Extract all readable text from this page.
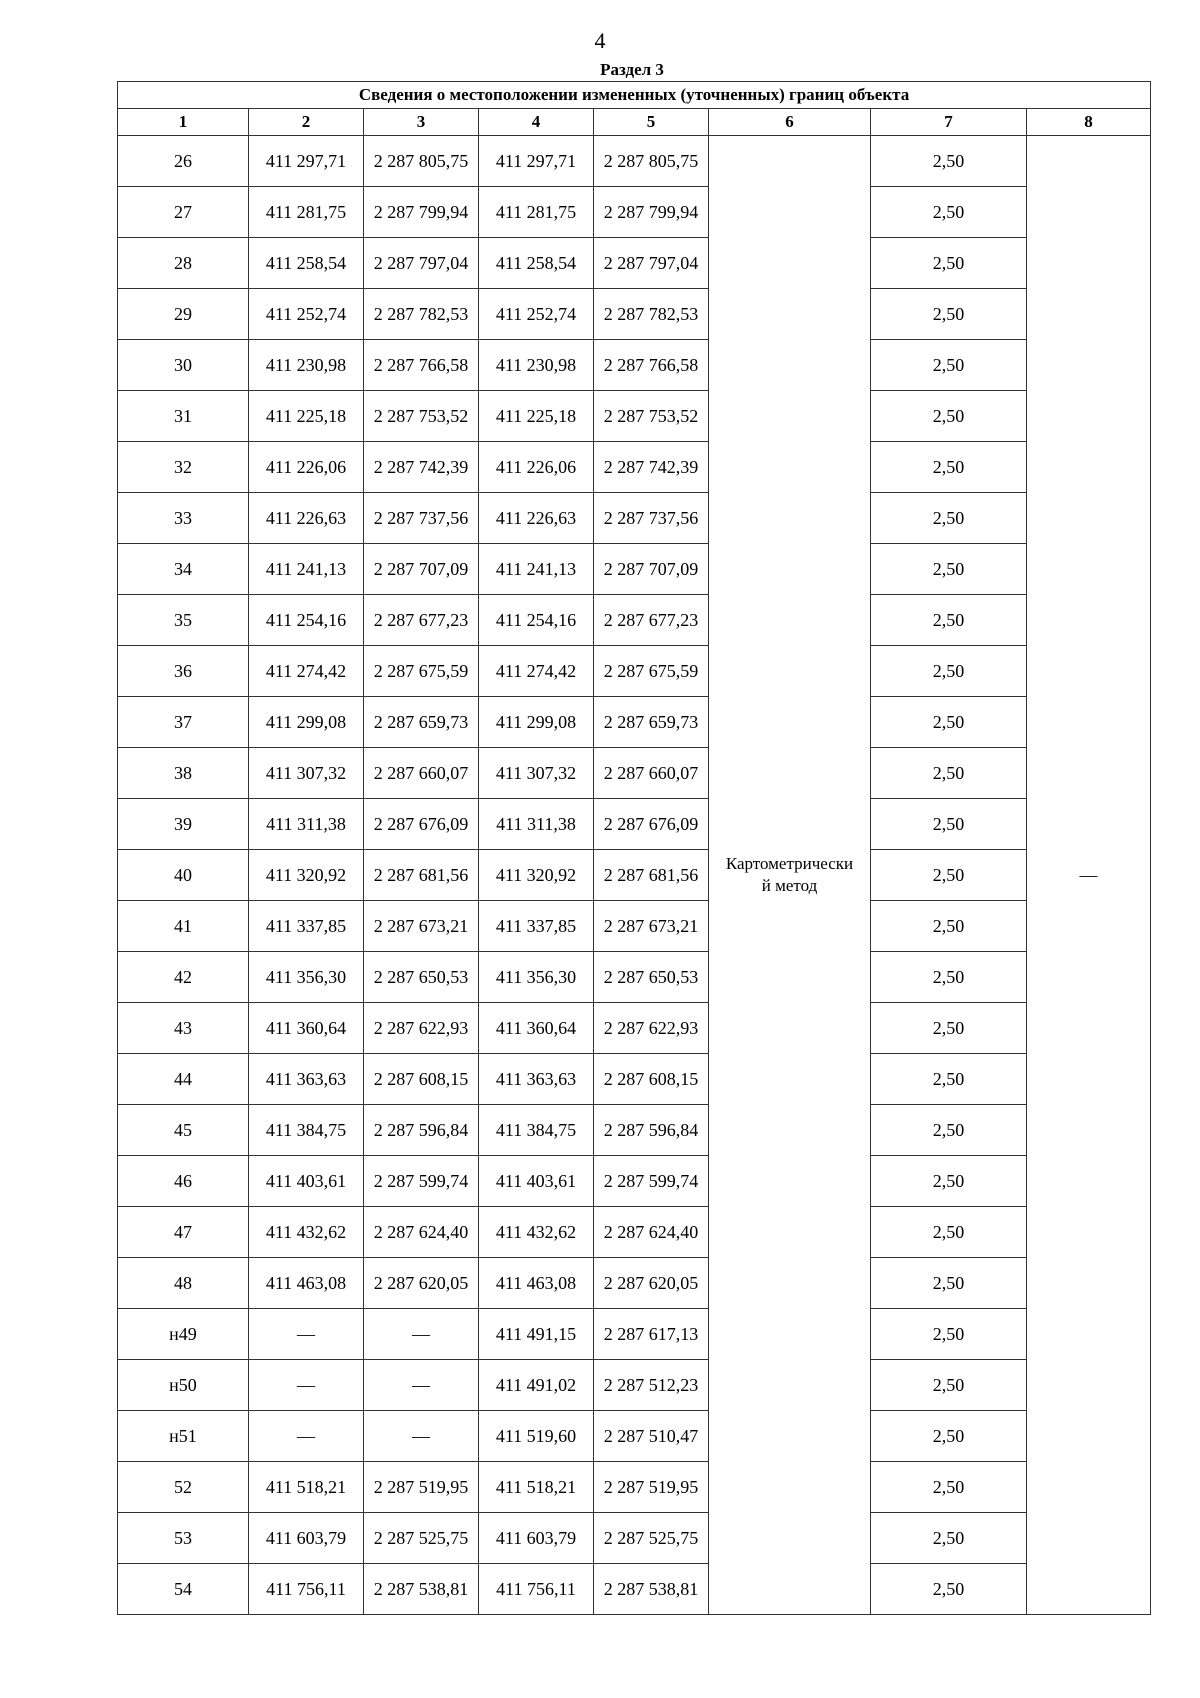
4
Раздел 3
Сведения о местоположении измененных (уточненных) границ объекта							
1	2	3	4	5	6	7	8
26	411 297,71	2 287 805,75	411 297,71	2 287 805,75	Картометрически
й метод	2,50	—
27	411 281,75	2 287 799,94	411 281,75	2 287 799,94		2,50	
28	411 258,54	2 287 797,04	411 258,54	2 287 797,04		2,50	
29	411 252,74	2 287 782,53	411 252,74	2 287 782,53		2,50	
30	411 230,98	2 287 766,58	411 230,98	2 287 766,58		2,50	
31	411 225,18	2 287 753,52	411 225,18	2 287 753,52		2,50	
32	411 226,06	2 287 742,39	411 226,06	2 287 742,39		2,50	
33	411 226,63	2 287 737,56	411 226,63	2 287 737,56		2,50	
34	411 241,13	2 287 707,09	411 241,13	2 287 707,09		2,50	
35	411 254,16	2 287 677,23	411 254,16	2 287 677,23		2,50	
36	411 274,42	2 287 675,59	411 274,42	2 287 675,59		2,50	
37	411 299,08	2 287 659,73	411 299,08	2 287 659,73		2,50	
38	411 307,32	2 287 660,07	411 307,32	2 287 660,07		2,50	
39	411 311,38	2 287 676,09	411 311,38	2 287 676,09		2,50	
40	411 320,92	2 287 681,56	411 320,92	2 287 681,56		2,50	
41	411 337,85	2 287 673,21	411 337,85	2 287 673,21		2,50	
42	411 356,30	2 287 650,53	411 356,30	2 287 650,53		2,50	
43	411 360,64	2 287 622,93	411 360,64	2 287 622,93		2,50	
44	411 363,63	2 287 608,15	411 363,63	2 287 608,15		2,50	
45	411 384,75	2 287 596,84	411 384,75	2 287 596,84		2,50	
46	411 403,61	2 287 599,74	411 403,61	2 287 599,74		2,50	
47	411 432,62	2 287 624,40	411 432,62	2 287 624,40		2,50	
48	411 463,08	2 287 620,05	411 463,08	2 287 620,05		2,50	
н49	—	—	411 491,15	2 287 617,13		2,50	
н50	—	—	411 491,02	2 287 512,23		2,50	
н51	—	—	411 519,60	2 287 510,47		2,50	
52	411 518,21	2 287 519,95	411 518,21	2 287 519,95		2,50	
53	411 603,79	2 287 525,75	411 603,79	2 287 525,75		2,50	
54	411 756,11	2 287 538,81	411 756,11	2 287 538,81		2,50	
